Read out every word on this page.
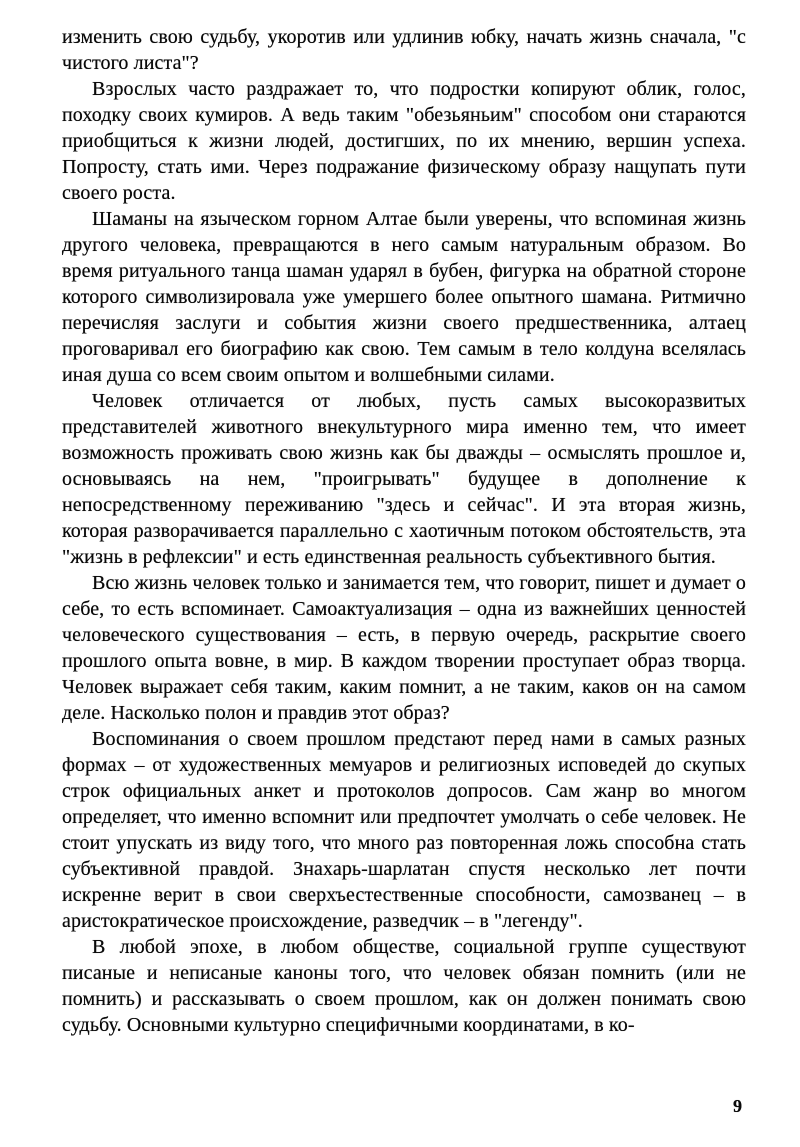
изменить свою судьбу, укоротив или удлинив юбку, начать жизнь сначала, "с чистого листа"?

Взрослых часто раздражает то, что подростки копируют облик, голос, походку своих кумиров. А ведь таким "обезьяньим" способом они стараются приобщиться к жизни людей, достигших, по их мнению, вершин успеха. Попросту, стать ими. Через подражание физическому образу нащупать пути своего роста.

Шаманы на языческом горном Алтае были уверены, что вспоминая жизнь другого человека, превращаются в него самым натуральным образом. Во время ритуального танца шаман ударял в бубен, фигурка на обратной стороне которого символизировала уже умершего более опытного шамана. Ритмично перечисляя заслуги и события жизни своего предшественника, алтаец проговаривал его биографию как свою. Тем самым в тело колдуна вселялась иная душа со всем своим опытом и волшебными силами.

Человек отличается от любых, пусть самых высокоразвитых представителей животного внекультурного мира именно тем, что имеет возможность проживать свою жизнь как бы дважды – осмыслять прошлое и, основываясь на нем, "проигрывать" будущее в дополнение к непосредственному переживанию "здесь и сейчас". И эта вторая жизнь, которая разворачивается параллельно с хаотичным потоком обстоятельств, эта "жизнь в рефлексии" и есть единственная реальность субъективного бытия.

Всю жизнь человек только и занимается тем, что говорит, пишет и думает о себе, то есть вспоминает. Самоактуализация – одна из важнейших ценностей человеческого существования – есть, в первую очередь, раскрытие своего прошлого опыта вовне, в мир. В каждом творении проступает образ творца. Человек выражает себя таким, каким помнит, а не таким, каков он на самом деле. Насколько полон и правдив этот образ?

Воспоминания о своем прошлом предстают перед нами в самых разных формах – от художественных мемуаров и религиозных исповедей до скупых строк официальных анкет и протоколов допросов. Сам жанр во многом определяет, что именно вспомнит или предпочтет умолчать о себе человек. Не стоит упускать из виду того, что много раз повторенная ложь способна стать субъективной правдой. Знахарь-шарлатан спустя несколько лет почти искренне верит в свои сверхъестественные способности, самозванец – в аристократическое происхождение, разведчик – в "легенду".

В любой эпохе, в любом обществе, социальной группе существуют писаные и неписаные каноны того, что человек обязан помнить (или не помнить) и рассказывать о своем прошлом, как он должен понимать свою судьбу. Основными культурно специфичными координатами, в ко-

9
